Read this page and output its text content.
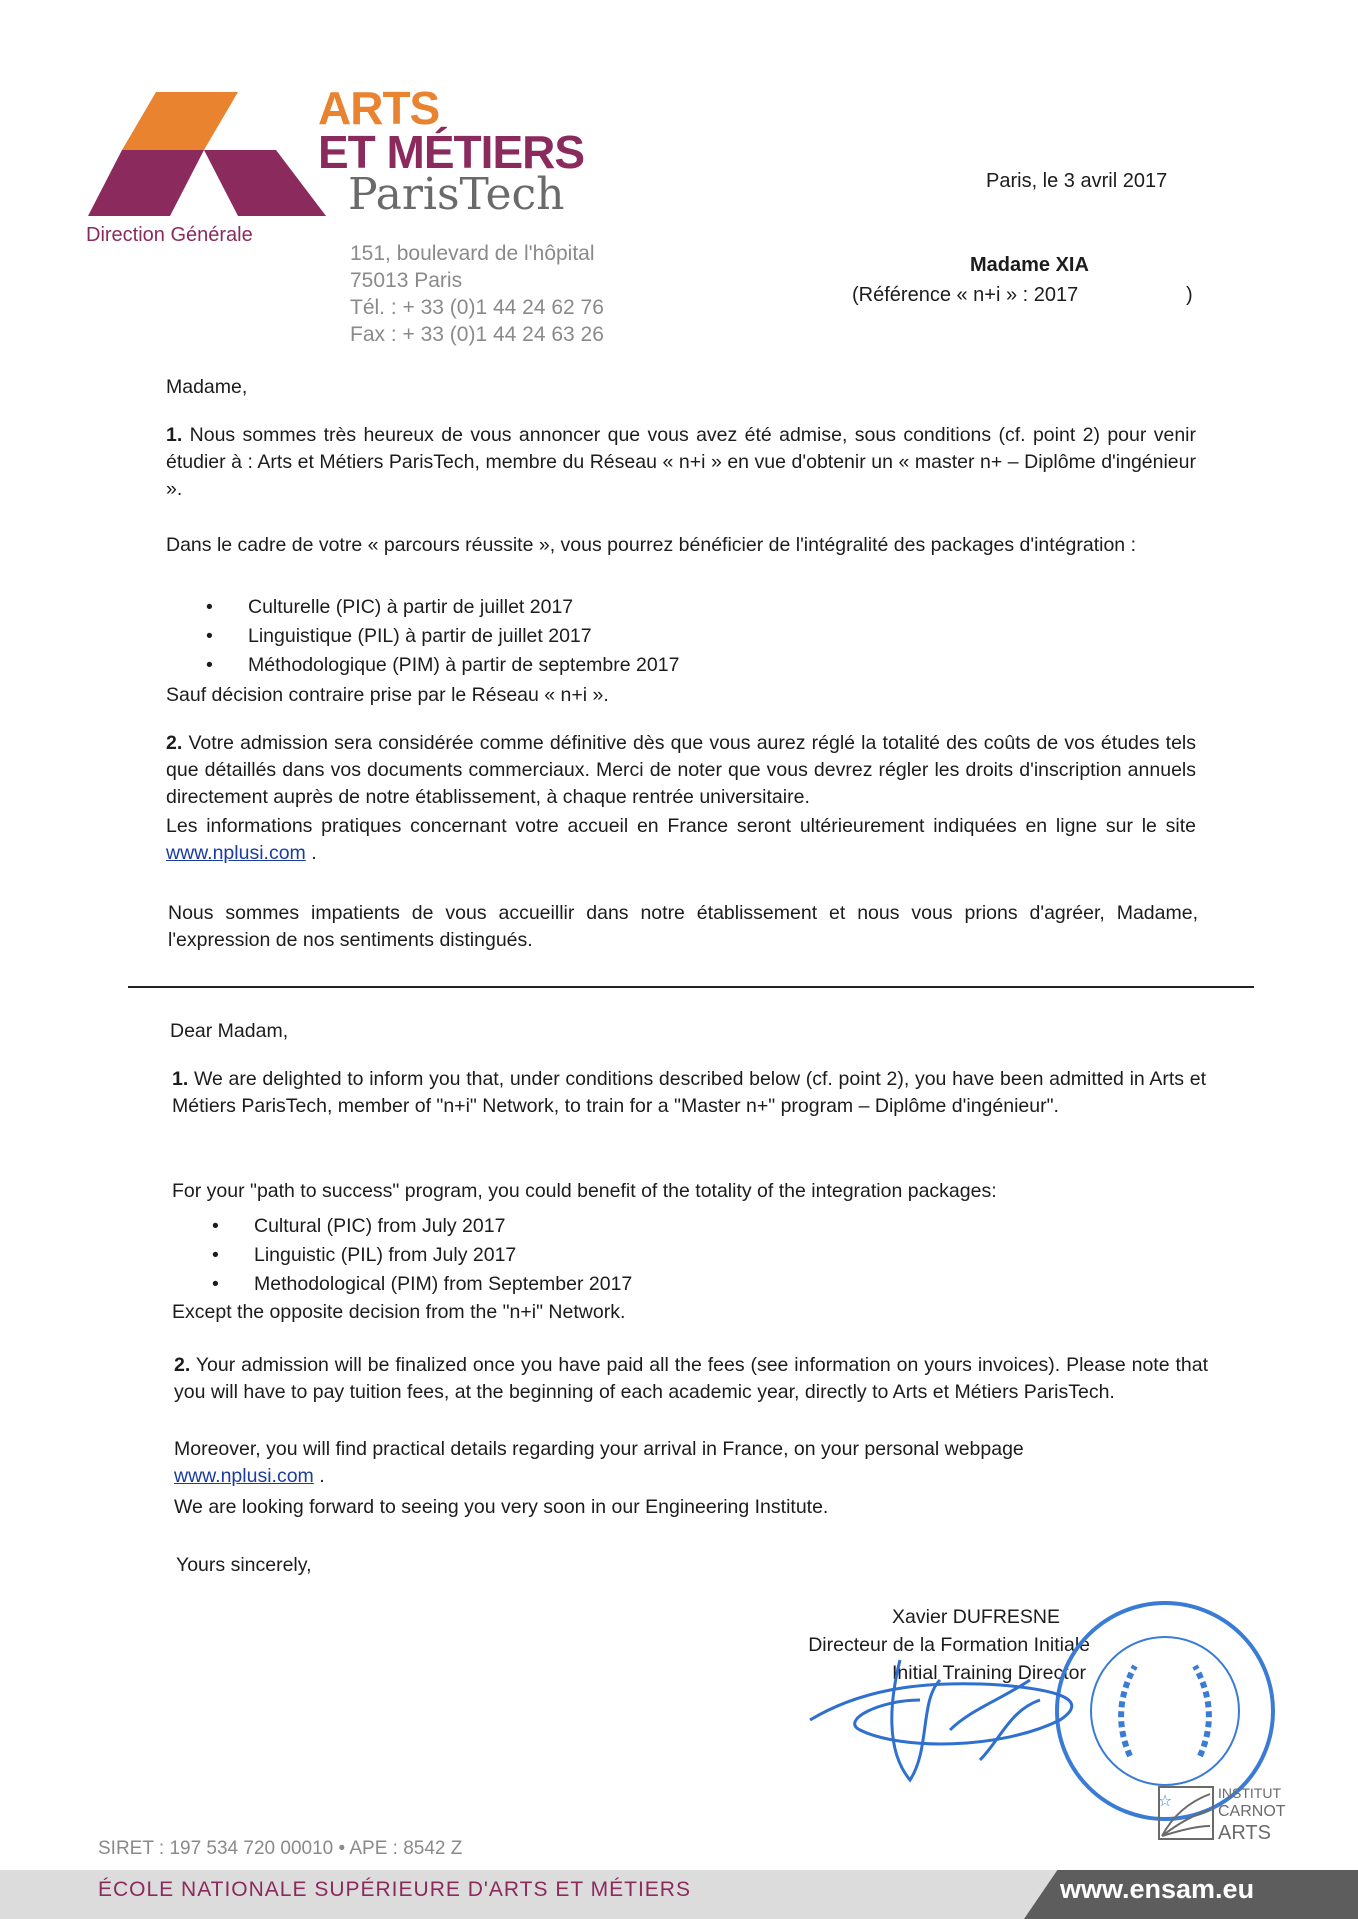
ARTS
ET MÉTIERS
ParisTech
Direction Générale
151, boulevard de l'hôpital
75013 Paris
Tél. : + 33 (0)1 44 24 62 76
Fax : + 33 (0)1 44 24 63 26
Paris, le 3 avril 2017
Madame XIA
(Référence « n+i » : 2017	)
Madame,
1. Nous sommes très heureux de vous annoncer que vous avez été admise, sous conditions (cf. point 2) pour venir étudier à : Arts et Métiers ParisTech, membre du Réseau « n+i » en vue d'obtenir un « master n+ – Diplôme d'ingénieur ».
Dans le cadre de votre « parcours réussite », vous pourrez bénéficier de l'intégralité des packages d'intégration :
• Culturelle (PIC) à partir de juillet 2017
• Linguistique (PIL) à partir de juillet 2017
• Méthodologique (PIM) à partir de septembre 2017
Sauf décision contraire prise par le Réseau « n+i ».
2. Votre admission sera considérée comme définitive dès que vous aurez réglé la totalité des coûts de vos études tels que détaillés dans vos documents commerciaux. Merci de noter que vous devrez régler les droits d'inscription annuels directement auprès de notre établissement, à chaque rentrée universitaire.
Les informations pratiques concernant votre accueil en France seront ultérieurement indiquées en ligne sur le site www.nplusi.com .
Nous sommes impatients de vous accueillir dans notre établissement et nous vous prions d'agréer, Madame, l'expression de nos sentiments distingués.
Dear Madam,
1. We are delighted to inform you that, under conditions described below (cf. point 2), you have been admitted in Arts et Métiers ParisTech, member of "n+i" Network, to train for a "Master n+" program – Diplôme d'ingénieur".
For your "path to success" program, you could benefit of the totality of the integration packages:
• Cultural (PIC) from July 2017
• Linguistic (PIL) from July 2017
• Methodological (PIM) from September 2017
Except the opposite decision from the "n+i" Network.
2. Your admission will be finalized once you have paid all the fees (see information on yours invoices). Please note that you will have to pay tuition fees, at the beginning of each academic year, directly to Arts et Métiers ParisTech.
Moreover, you will find practical details regarding your arrival in France, on your personal webpage
www.nplusi.com .
We are looking forward to seeing you very soon in our Engineering Institute.
Yours sincerely,
Xavier DUFRESNE
Directeur de la Formation Initiale
Initial Training Director
☆	INSTITUT
CARNOT
ARTS
SIRET : 197 534 720 00010 • APE : 8542 Z
ÉCOLE NATIONALE SUPÉRIEURE D'ARTS ET MÉTIERS	www.ensam.eu
